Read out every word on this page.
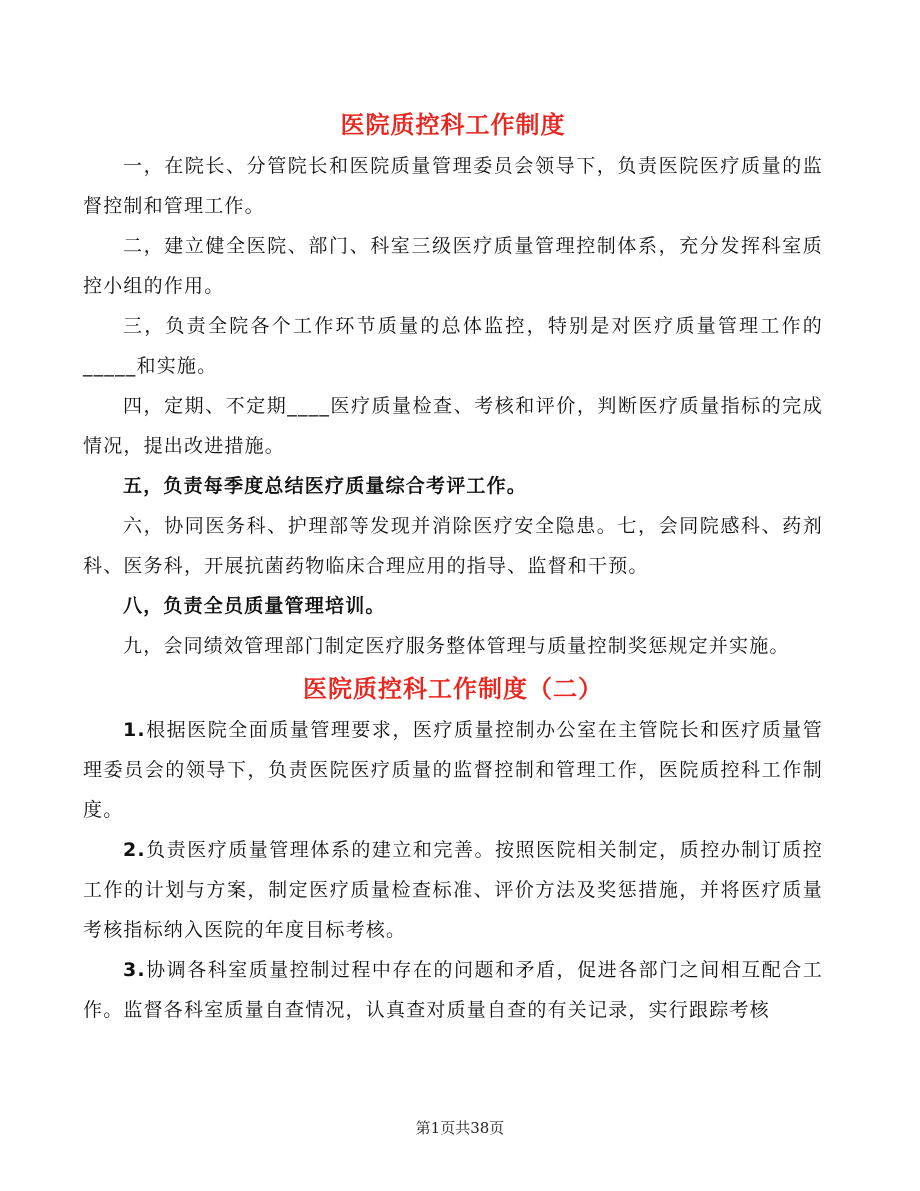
医院质控科工作制度

一，在院长、分管院长和医院质量管理委员会领导下，负责医院医疗质量的监督控制和管理工作。

二，建立健全医院、部门、科室三级医疗质量管理控制体系，充分发挥科室质控小组的作用。

三，负责全院各个工作环节质量的总体监控，特别是对医疗质量管理工作的_____和实施。

四，定期、不定期____医疗质量检查、考核和评价，判断医疗质量指标的完成情况，提出改进措施。

五，负责每季度总结医疗质量综合考评工作。

六，协同医务科、护理部等发现并消除医疗安全隐患。七，会同院感科、药剂科、医务科，开展抗菌药物临床合理应用的指导、监督和干预。

八，负责全员质量管理培训。

九，会同绩效管理部门制定医疗服务整体管理与质量控制奖惩规定并实施。

医院质控科工作制度（二）

1.根据医院全面质量管理要求，医疗质量控制办公室在主管院长和医疗质量管理委员会的领导下，负责医院医疗质量的监督控制和管理工作，医院质控科工作制度。

2.负责医疗质量管理体系的建立和完善。按照医院相关制定，质控办制订质控工作的计划与方案，制定医疗质量检查标准、评价方法及奖惩措施，并将医疗质量考核指标纳入医院的年度目标考核。

3.协调各科室质量控制过程中存在的问题和矛盾，促进各部门之间相互配合工作。监督各科室质量自查情况，认真查对质量自查的有关记录，实行跟踪考核

第1页共38页
